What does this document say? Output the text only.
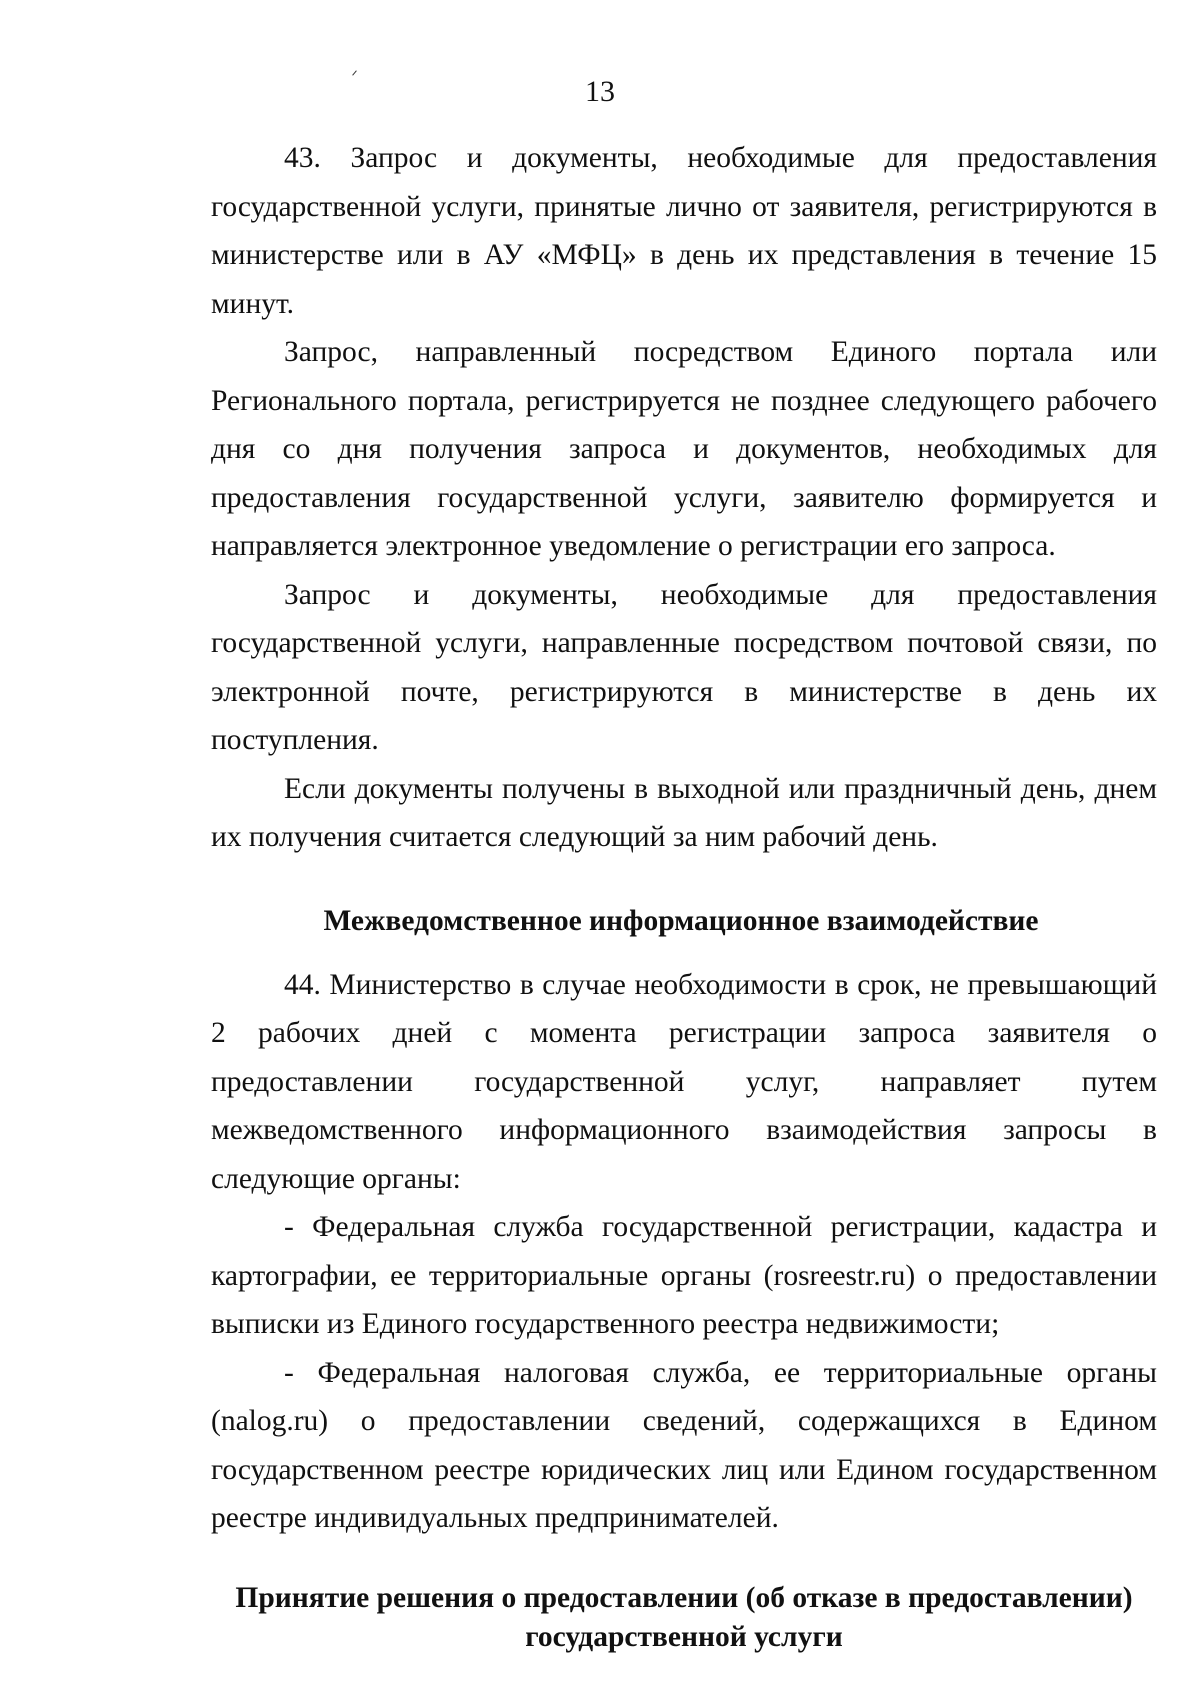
13

43. Запрос и документы, необходимые для предоставления государственной услуги, принятые лично от заявителя, регистрируются в министерстве или в АУ «МФЦ» в день их представления в течение 15 минут.

Запрос, направленный посредством Единого портала или Регионального портала, регистрируется не позднее следующего рабочего дня со дня получения запроса и документов, необходимых для предоставления государственной услуги, заявителю формируется и направляется электронное уведомление о регистрации его запроса.

Запрос и документы, необходимые для предоставления государственной услуги, направленные посредством почтовой связи, по электронной почте, регистрируются в министерстве в день их поступления.

Если документы получены в выходной или праздничный день, днем их получения считается следующий за ним рабочий день.

Межведомственное информационное взаимодействие

44. Министерство в случае необходимости в срок, не превышающий 2 рабочих дней с момента регистрации запроса заявителя о предоставлении государственной услуг, направляет путем межведомственного информационного взаимодействия запросы в следующие органы:

- Федеральная служба государственной регистрации, кадастра и картографии, ее территориальные органы (rosreestr.ru) о предоставлении выписки из Единого государственного реестра недвижимости;

- Федеральная налоговая служба, ее территориальные органы (nalog.ru) о предоставлении сведений, содержащихся в Едином государственном реестре юридических лиц или Едином государственном реестре индивидуальных предпринимателей.

Принятие решения о предоставлении (об отказе в предоставлении)
государственной услуги
